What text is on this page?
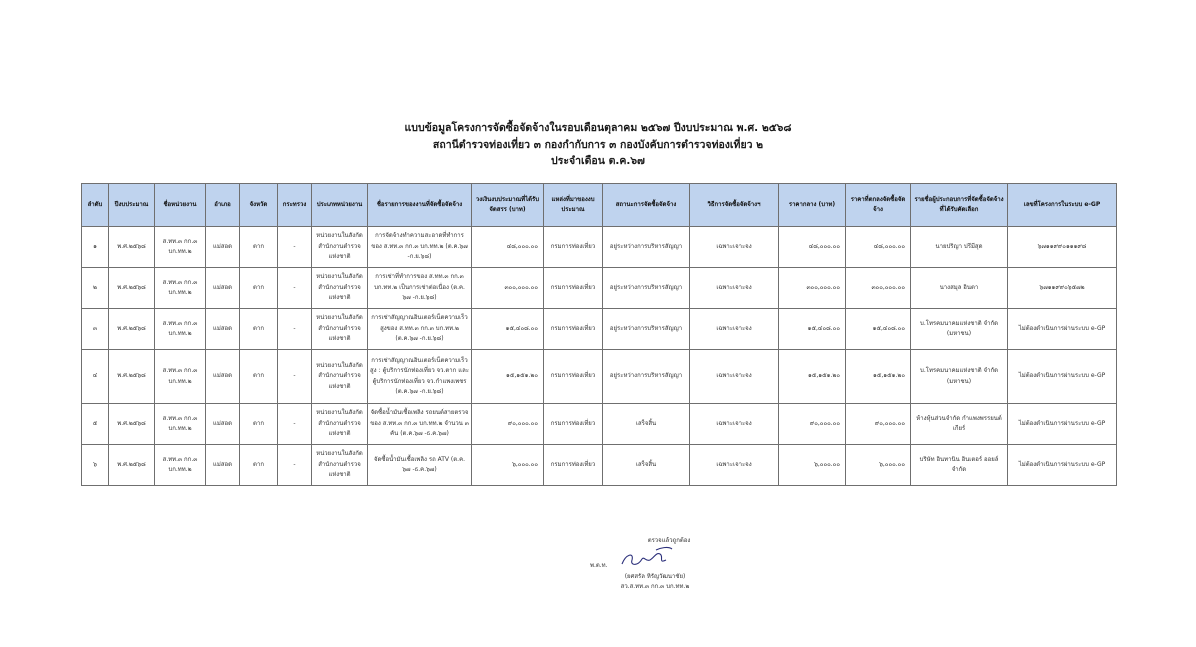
แบบข้อมูลโครงการจัดซื้อจัดจ้างในรอบเดือนตุลาคม ๒๕๖๗ ปีงบประมาณ พ.ศ. ๒๕๖๘
สถานีตำรวจท่องเที่ยว ๓ กองกำกับการ ๓ กองบังคับการตำรวจท่องเที่ยว ๒
ประจำเดือน ต.ค.๖๗
ลำดับ	ปีงบประมาณ	ชื่อหน่วยงาน	อำเภอ	จังหวัด	กระทรวง	ประเภทหน่วยงาน	ชื่อรายการของงานที่จัดซื้อจัดจ้าง	วงเงินงบประมาณที่ได้รับจัดสรร (บาท)	แหล่งที่มาของงบประมาณ	สถานะการจัดซื้อจัดจ้าง	วิธีการจัดซื้อจัดจ้างฯ	ราคากลาง (บาท)	ราคาที่ตกลงจัดซื้อจัดจ้าง	รายชื่อผู้ประกอบการที่จัดซื้อจัดจ้างที่ได้รับคัดเลือก	เลขที่โครงการในระบบ e-GP
๑	พ.ศ.๒๕๖๘	ส.ทท.๓ กก.๓ บก.ทท.๒	แม่สอด	ตาก	-	หน่วยงานในสังกัดสำนักงานตำรวจแห่งชาติ	การจัดจ้างทำความสะอาดที่ทำการของ ส.ทท.๓ กก.๓ บก.ทท.๒ (ต.ค.๖๗ -ก.ย.๖๘)	๔๘,๐๐๐.๐๐	กรมการท่องเที่ยว	อยู่ระหว่างการบริหารสัญญา	เฉพาะเจาะจง	๔๘,๐๐๐.๐๐	๔๘,๐๐๐.๐๐	นายปริญา ปรีมีสุด	๖๗๑๑๙๙๐๑๑๑๙๘
๒	พ.ศ.๒๕๖๘	ส.ทท.๓ กก.๓ บก.ทท.๒	แม่สอด	ตาก	-	หน่วยงานในสังกัดสำนักงานตำรวจแห่งชาติ	การเช่าที่ทำการของ ส.ทท.๓ กก.๓ บก.ทท.๒ เป็นการเช่าต่อเนื่อง (ต.ค. ๖๗ -ก.ย.๖๘)	๓๐๐,๐๐๐.๐๐	กรมการท่องเที่ยว	อยู่ระหว่างการบริหารสัญญา	เฉพาะเจาะจง	๓๐๐,๐๐๐.๐๐	๓๐๐,๐๐๐.๐๐	นางสมุล อินตา	๖๗๑๑๙๙๐๖๕๗๒
๓	พ.ศ.๒๕๖๘	ส.ทท.๓ กก.๓ บก.ทท.๒	แม่สอด	ตาก	-	หน่วยงานในสังกัดสำนักงานตำรวจแห่งชาติ	การเช่าสัญญาณอินเตอร์เน็ตความเร็วสูงของ ส.ทท.๓ กก.๓ บก.ทท.๒ (ต.ค.๖๗ -ก.ย.๖๘)	๑๕,๔๐๘.๐๐	กรมการท่องเที่ยว	อยู่ระหว่างการบริหารสัญญา	เฉพาะเจาะจง	๑๕,๔๐๘.๐๐	๑๕,๔๐๘.๐๐	บ.โทรคมนาคมแห่งชาติ จำกัด (มหาชน)	ไม่ต้องดำเนินการผ่านระบบ e-GP
๔	พ.ศ.๒๕๖๘	ส.ทท.๓ กก.๓ บก.ทท.๒	แม่สอด	ตาก	-	หน่วยงานในสังกัดสำนักงานตำรวจแห่งชาติ	การเช่าสัญญาณอินเตอร์เน็ตความเร็วสูง : ตู้บริการนักท่องเที่ยว จว.ตาก และตู้บริการนักท่องเที่ยว จว.กำแพงเพชร (ต.ค.๖๗ -ก.ย.๖๘)	๑๕,๑๕๑.๒๐	กรมการท่องเที่ยว	อยู่ระหว่างการบริหารสัญญา	เฉพาะเจาะจง	๑๕,๑๕๑.๒๐	๑๕,๑๕๑.๒๐	บ.โทรคมนาคมแห่งชาติ จำกัด (มหาชน)	ไม่ต้องดำเนินการผ่านระบบ e-GP
๕	พ.ศ.๒๕๖๘	ส.ทท.๓ กก.๓ บก.ทท.๒	แม่สอด	ตาก	-	หน่วยงานในสังกัดสำนักงานตำรวจแห่งชาติ	จัดซื้อน้ำมันเชื้อเพลิง รถยนต์สายตรวจของ ส.ทท.๓ กก.๓ บก.ทท.๒ จำนวน ๓ คัน (ต.ค.๖๗ -ธ.ค.๖๗)	๙๐,๐๐๐.๐๐	กรมการท่องเที่ยว	เสร็จสิ้น	เฉพาะเจาะจง	๙๐,๐๐๐.๐๐	๙๐,๐๐๐.๐๐	ห้างหุ้นส่วนจำกัด กำแพงพรรยนต์เกียร์	ไม่ต้องดำเนินการผ่านระบบ e-GP
๖	พ.ศ.๒๕๖๘	ส.ทท.๓ กก.๓ บก.ทท.๒	แม่สอด	ตาก	-	หน่วยงานในสังกัดสำนักงานตำรวจแห่งชาติ	จัดซื้อน้ำมันเชื้อเพลิง รถ ATV (ต.ค. ๖๗ -ธ.ค.๖๗)	๖,๐๐๐.๐๐	กรมการท่องเที่ยว	เสร็จสิ้น	เฉพาะเจาะจง	๖,๐๐๐.๐๐	๖,๐๐๐.๐๐	บริษัท อินทานิน อินเตอร์ ออยล์ จำกัด	ไม่ต้องดำเนินการผ่านระบบ e-GP
ตรวจแล้วถูกต้อง
พ.ต.ท.
(ยศสรัล หิรัญวัฒนาชัย)
สว.ส.ทท.๓ กก.๓ บก.ทท.๒
